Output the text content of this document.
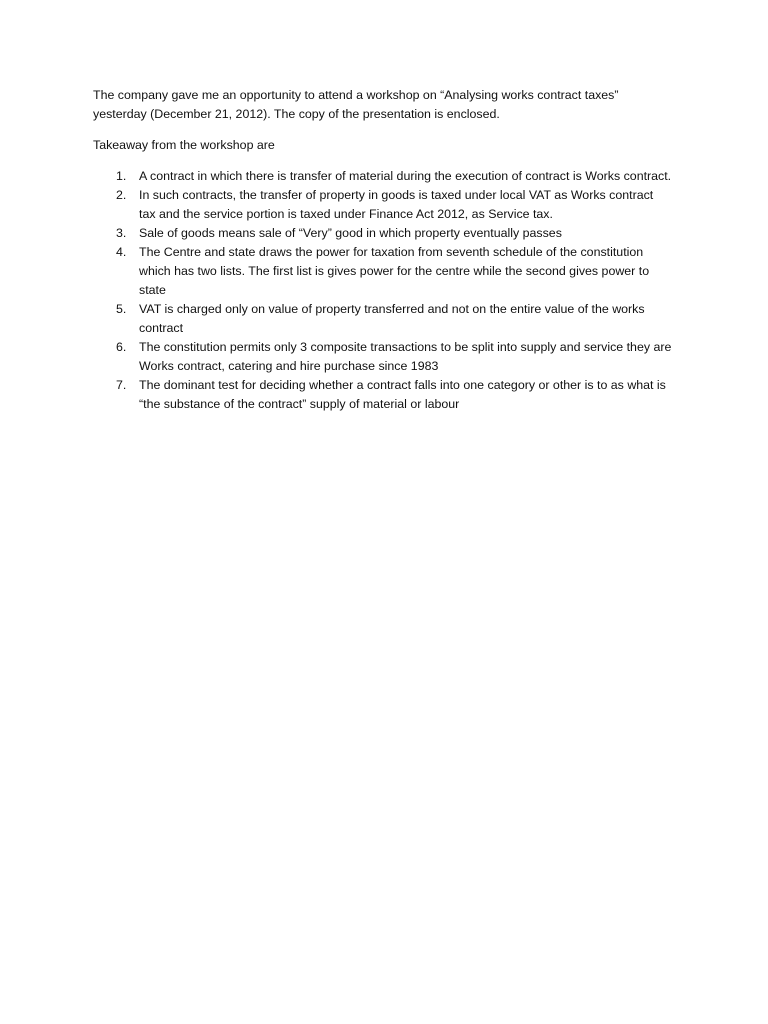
The company gave me an opportunity to attend a workshop on “Analysing works contract taxes” yesterday (December 21, 2012). The copy of the presentation is enclosed.

Takeaway from the workshop are

1. A contract in which there is transfer of material during the execution of contract is Works contract.
2. In such contracts, the transfer of property in goods is taxed under local VAT as Works contract tax and the service portion is taxed under Finance Act 2012, as Service tax.
3. Sale of goods means sale of “Very” good in which property eventually passes
4. The Centre and state draws the power for taxation from seventh schedule of the constitution which has two lists. The first list is gives power for the centre while the second gives power to state
5. VAT is charged only on value of property transferred and not on the entire value of the works contract
6. The constitution permits only 3 composite transactions to be split into supply and service they are Works contract, catering and hire purchase since 1983
7. The dominant test for deciding whether a contract falls into one category or other is to as what is “the substance of the contract” supply of material or labour
